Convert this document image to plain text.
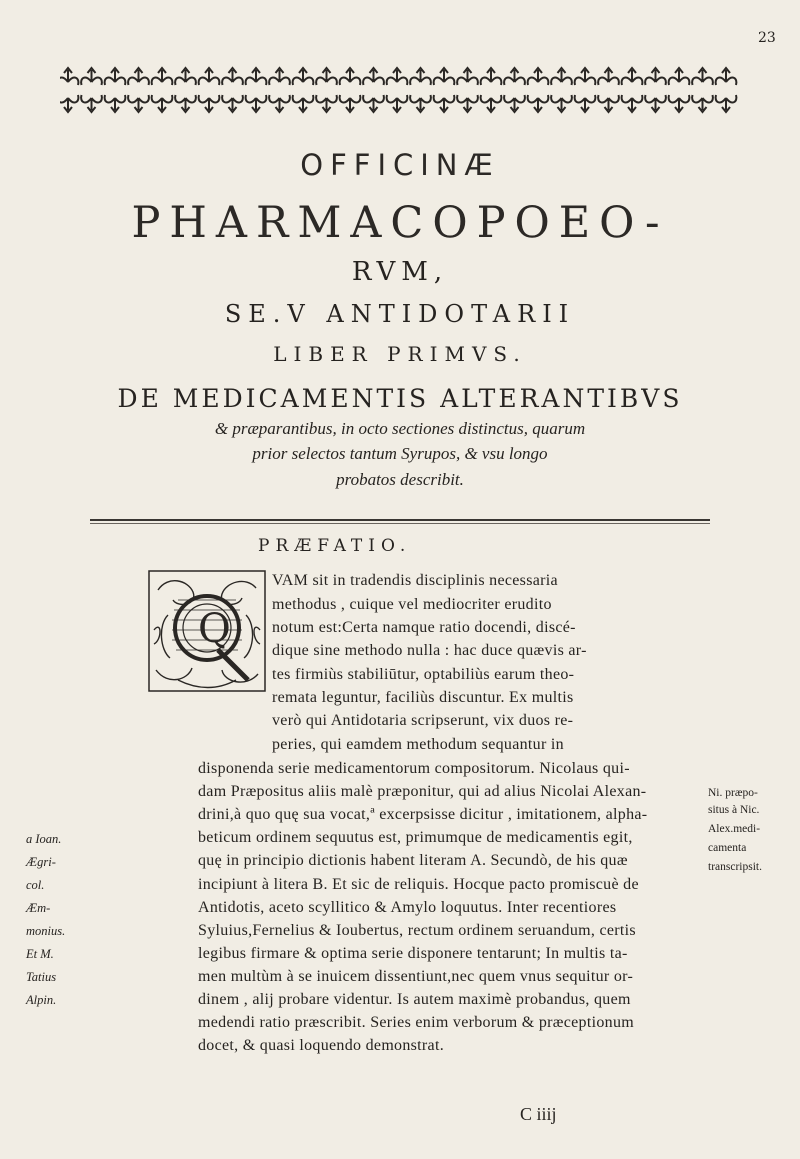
23
OFFICINÆ
PHARMACOPOEO-
RVM,
SE.V ANTIDOTARII
LIBER PRIMVS.
DE MEDICAMENTIS ALTERANTIBVS
& præparantibus, in octo sectiones distinctus, quarum
prior selectos tantum Syrupos, & vsu longo
probatos describit.
PRÆFATIO.
Q
VAM sit in tradendis disciplinis necessaria
methodus , cuique vel mediocriter erudito
notum est:Certa namque ratio docendi, discé-
dique sine methodo nulla : hac duce quævis ar-
tes firmiùs stabiliūtur, optabiliùs earum theo-
remata leguntur, faciliùs discuntur. Ex multis
verò qui Antidotaria scripserunt, vix duos re-
peries, qui eamdem methodum sequantur in
disponenda serie medicamentorum compositorum. Nicolaus qui-
dam Præpositus aliis malè præponitur, qui ad alius Nicolai Alexan-
drini,à quo quę sua vocat,ª excerpsisse dicitur , imitationem, alpha-
beticum ordinem sequutus est, primumque de medicamentis egit,
quę in principio dictionis habent literam A. Secundò, de his quæ
incipiunt à litera B. Et sic de reliquis. Hocque pacto promiscuè de
Antidotis, aceto scyllitico & Amylo loquutus. Inter recentiores
Syluius,Fernelius & Ioubertus, rectum ordinem seruandum, certis
legibus firmare & optima serie disponere tentarunt; In multis ta-
men multùm à se inuicem dissentiunt,nec quem vnus sequitur or-
dinem , alij probare videntur. Is autem maximè probandus, quem
medendi ratio præscribit. Series enim verborum & præceptionum
docet, & quasi loquendo demonstrat.
a Ioan.
Ægri-
col.
Æm-
monius.
Et M.
Tatius
Alpin.
Ni. præpo-
situs à Nic.
Alex.medi-
camenta
transcripsit.
C iiij
